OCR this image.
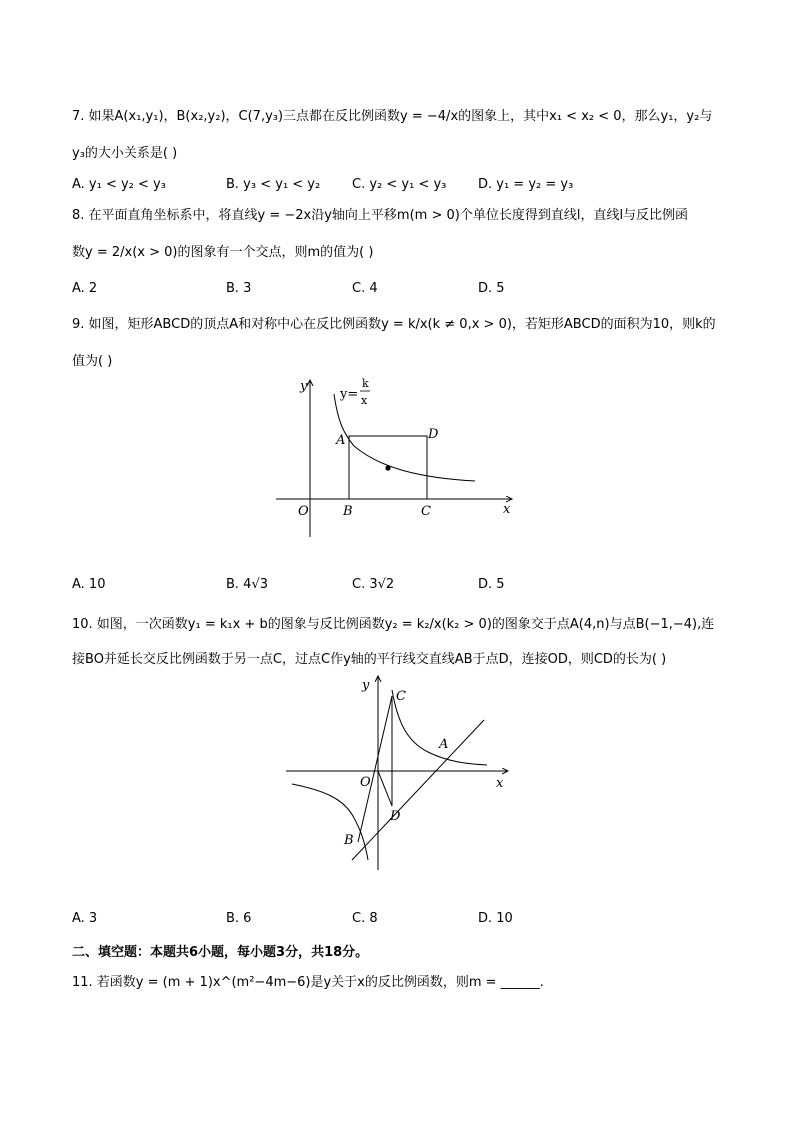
7. 如果A(x₁,y₁)，B(x₂,y₂)，C(7,y₃)三点都在反比例函数y = −4/x的图象上，其中x₁ < x₂ < 0，那么y₁，y₂与
y₃的大小关系是( )
A. y₁ < y₂ < y₃	B. y₃ < y₁ < y₂ C. y₂ < y₁ < y₃ D. y₁ = y₂ = y₃
8. 在平面直角坐标系中，将直线y = −2x沿y轴向上平移m(m > 0)个单位长度得到直线l，直线l与反比例函
数y = 2/x(x > 0)的图象有一个交点，则m的值为( )
A. 2	B. 3	C. 4	D. 5
9. 如图，矩形ABCD的顶点A和对称中心在反比例函数y = k/x(k ≠ 0,x > 0)，若矩形ABCD的面积为10，则k的
值为( )
y
x
O
A	D
B	C
y=
k
x
A. 10	B. 4√3	C. 3√2	D. 5
10. 如图，一次函数y₁ = k₁x + b的图象与反比例函数y₂ = k₂/x(k₂ > 0)的图象交于点A(4,n)与点B(−1,−4),连
接BO并延长交反比例函数于另一点C，过点C作y轴的平行线交直线AB于点D，连接OD，则CD的长为( )
y
x
O
C
A
D
B
A. 3	B. 6	C. 8	D. 10
二、填空题：本题共6小题，每小题3分，共18分。
11. 若函数y = (m + 1)x^(m²−4m−6)是y关于x的反比例函数，则m = ______.
